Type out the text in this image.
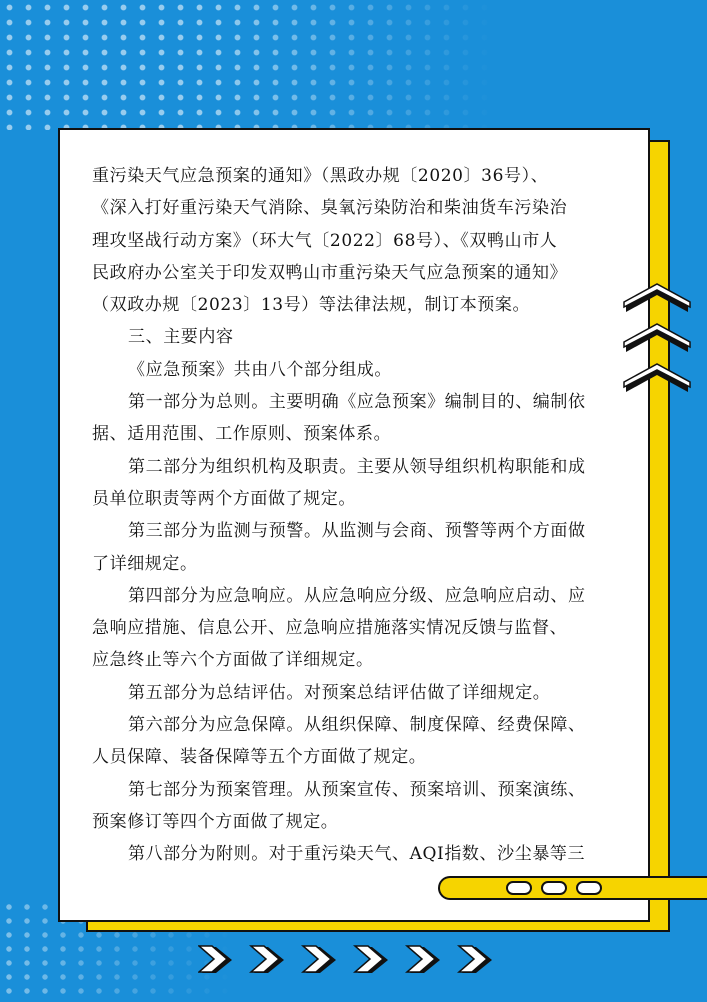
重污染天气应急预案的通知》（黑政办规〔2020〕36号）、

《深入打好重污染天气消除、臭氧污染防治和柴油货车污染治

理攻坚战行动方案》（环大气〔2022〕68号）、《双鸭山市人

民政府办公室关于印发双鸭山市重污染天气应急预案的通知》

（双政办规〔2023〕13号）等法律法规，制订本预案。

三、主要内容

《应急预案》共由八个部分组成。

第一部分为总则。主要明确《应急预案》编制目的、编制依

据、适用范围、工作原则、预案体系。

第二部分为组织机构及职责。主要从领导组织机构职能和成

员单位职责等两个方面做了规定。

第三部分为监测与预警。从监测与会商、预警等两个方面做

了详细规定。

第四部分为应急响应。从应急响应分级、应急响应启动、应

急响应措施、信息公开、应急响应措施落实情况反馈与监督、

应急终止等六个方面做了详细规定。

第五部分为总结评估。对预案总结评估做了详细规定。

第六部分为应急保障。从组织保障、制度保障、经费保障、

人员保障、装备保障等五个方面做了规定。

第七部分为预案管理。从预案宣传、预案培训、预案演练、

预案修订等四个方面做了规定。

第八部分为附则。对于重污染天气、AQI指数、沙尘暴等三
